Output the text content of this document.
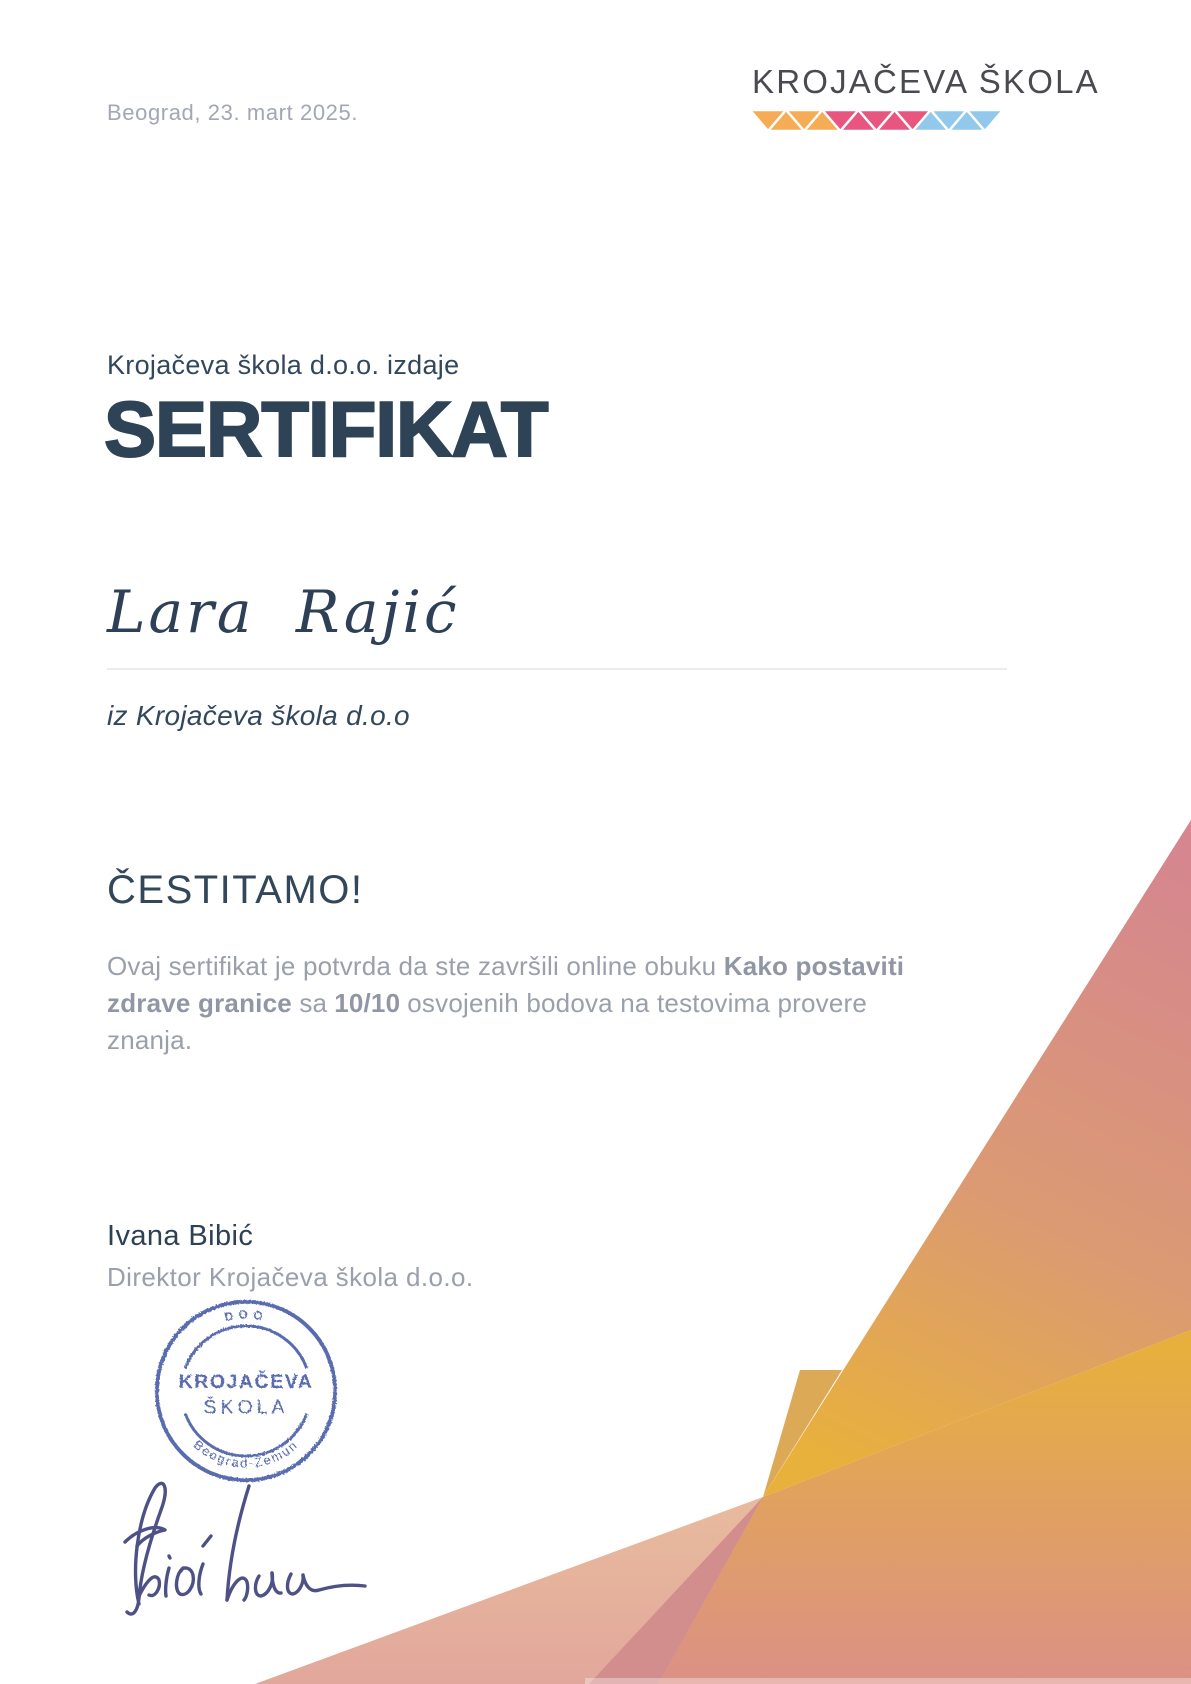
Beograd, 23. mart 2025.
KROJAČEVA ŠKOLA
Krojačeva škola d.o.o. izdaje
SERTIFIKAT
Lara Rajić
iz Krojačeva škola d.o.o
ČESTITAMO!
Ovaj sertifikat je potvrda da ste završili online obuku Kako postaviti zdrave granice sa 10/10 osvojenih bodova na testovima provere znanja.
Ivana Bibić
Direktor Krojačeva škola d.o.o.
DOO
KROJAČEVA
ŠKOLA
Beograd-Zemun
